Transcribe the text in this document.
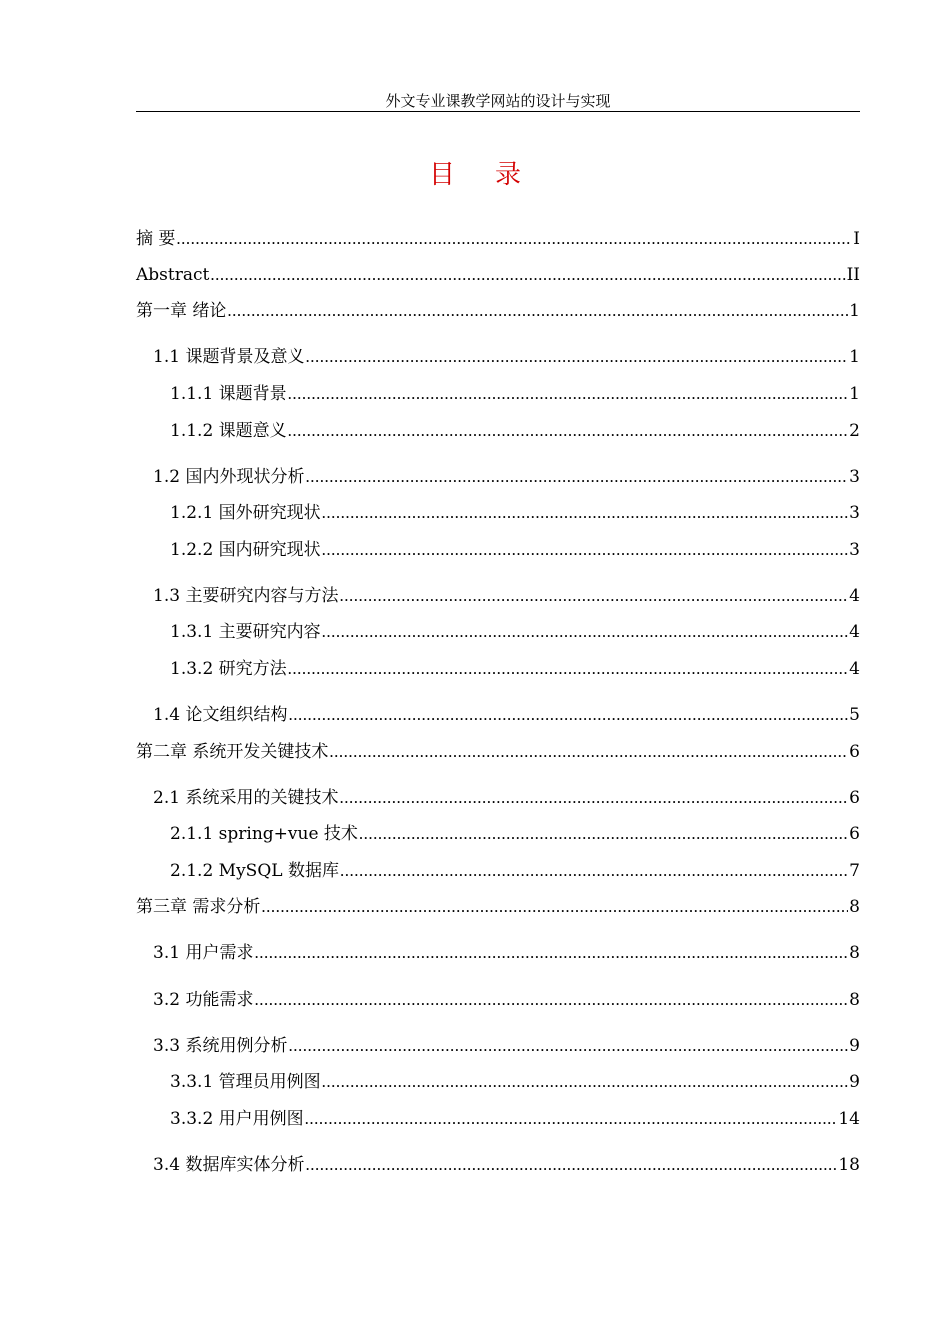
外文专业课教学网站的设计与实现
目录
摘 要 .....	I
Abstract .....	II
第一章 绪论 .....	1
1.1 课题背景及意义 .....	1
1.1.1 课题背景 .....	1
1.1.2 课题意义 .....	2
1.2 国内外现状分析 .....	3
1.2.1 国外研究现状 .....	3
1.2.2 国内研究现状 .....	3
1.3 主要研究内容与方法 .....	4
1.3.1 主要研究内容 .....	4
1.3.2 研究方法 .....	4
1.4 论文组织结构 .....	5
第二章 系统开发关键技术 .....	6
2.1 系统采用的关键技术 .....	6
2.1.1 spring+vue 技术 .....	6
2.1.2 MySQL 数据库 .....	7
第三章 需求分析 .....	8
3.1 用户需求 .....	8
3.2 功能需求 .....	8
3.3 系统用例分析 .....	9
3.3.1 管理员用例图 .....	9
3.3.2 用户用例图 .....	14
3.4 数据库实体分析 .....	18
